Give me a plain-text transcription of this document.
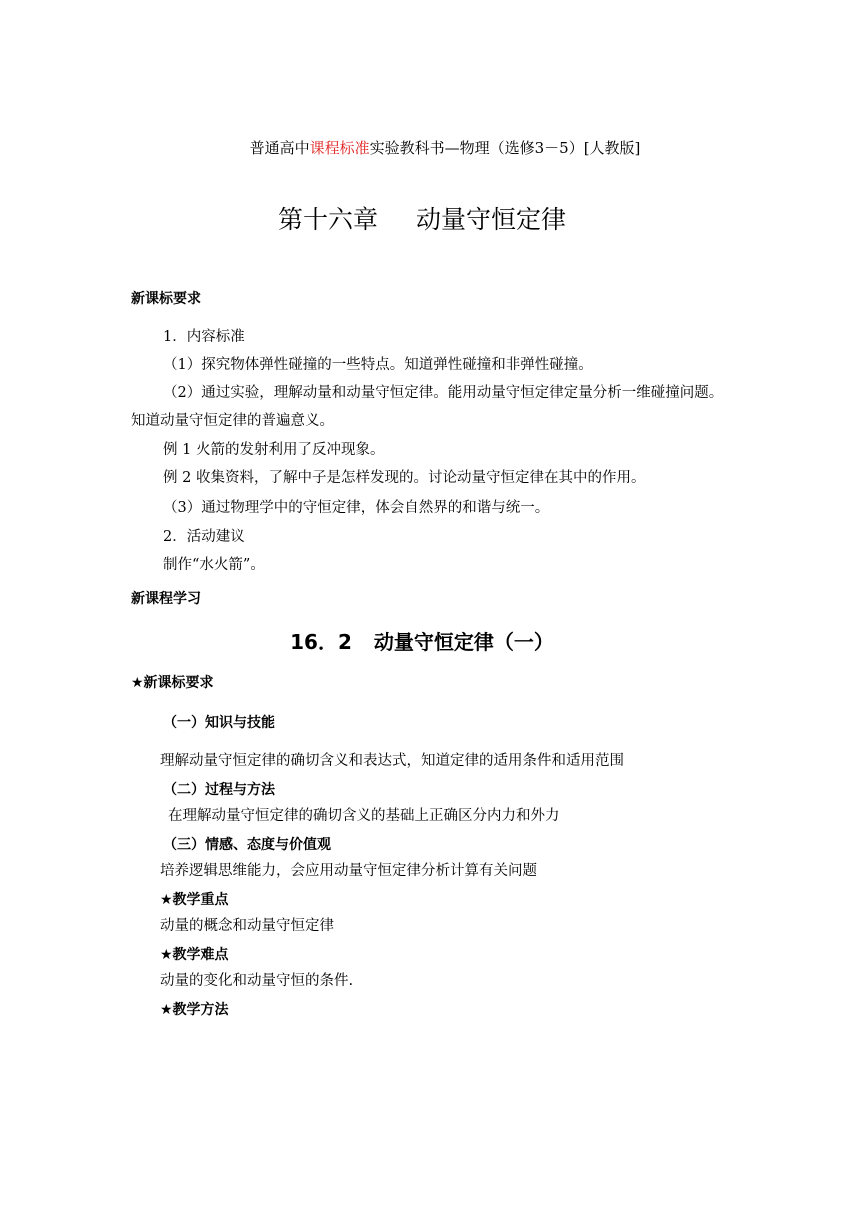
普通高中课程标准实验教科书—物理（选修3－5）[人教版]
第十六章 动量守恒定律
新课标要求
1．内容标准
（1）探究物体弹性碰撞的一些特点。知道弹性碰撞和非弹性碰撞。
（2）通过实验，理解动量和动量守恒定律。能用动量守恒定律定量分析一维碰撞问题。
知道动量守恒定律的普遍意义。
例 1 火箭的发射利用了反冲现象。
例 2 收集资料，了解中子是怎样发现的。讨论动量守恒定律在其中的作用。
（3）通过物理学中的守恒定律，体会自然界的和谐与统一。
2．活动建议
制作“水火箭”。
新课程学习
16．2 动量守恒定律（一）
★新课标要求
（一）知识与技能
理解动量守恒定律的确切含义和表达式，知道定律的适用条件和适用范围
（二）过程与方法
在理解动量守恒定律的确切含义的基础上正确区分内力和外力
（三）情感、态度与价值观
培养逻辑思维能力，会应用动量守恒定律分析计算有关问题
★教学重点
动量的概念和动量守恒定律
★教学难点
动量的变化和动量守恒的条件.
★教学方法
